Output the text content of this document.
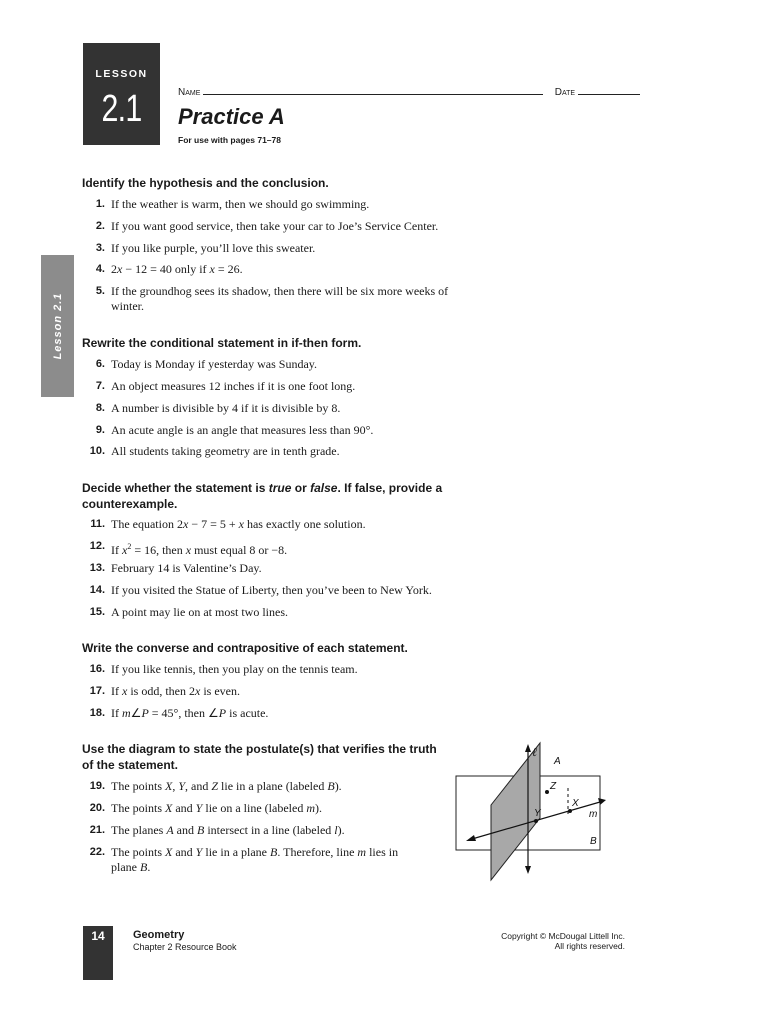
LESSON
2.1	Name	Date
Practice A
For use with pages 71–78
Lesson 2.1
Identify the hypothesis and the conclusion.
1. If the weather is warm, then we should go swimming.
2. If you want good service, then take your car to Joe’s Service Center.
3. If you like purple, you’ll love this sweater.
4. 2x − 12 = 40 only if x = 26.
5. If the groundhog sees its shadow, then there will be six more weeks of winter.
Rewrite the conditional statement in if-then form.
6. Today is Monday if yesterday was Sunday.
7. An object measures 12 inches if it is one foot long.
8. A number is divisible by 4 if it is divisible by 8.
9. An acute angle is an angle that measures less than 90°.
10. All students taking geometry are in tenth grade.
Decide whether the statement is true or false. If false, provide a counterexample.
11. The equation 2x − 7 = 5 + x has exactly one solution.
12. If $x^2 = 16$, then x must equal 8 or −8.
13. February 14 is Valentine’s Day.
14. If you visited the Statue of Liberty, then you’ve been to New York.
15. A point may lie on at most two lines.
Write the converse and contrapositive of each statement.
16. If you like tennis, then you play on the tennis team.
17. If x is odd, then 2x is even.
18. If m∠P = 45°, then ∠P is acute.
Use the diagram to state the postulate(s) that verifies the truth of the statement.
19. The points X, Y, and Z lie in a plane (labeled B).
20. The points X and Y lie on a line (labeled m).
21. The planes A and B intersect in a line (labeled l).
22. The points X and Y lie in a plane B. Therefore, line m lies in plane B.
ℓ
A
Z
X
Y	m
B
14	Geometry
Chapter 2 Resource Book
Copyright © McDougal Littell Inc.
All rights reserved.
